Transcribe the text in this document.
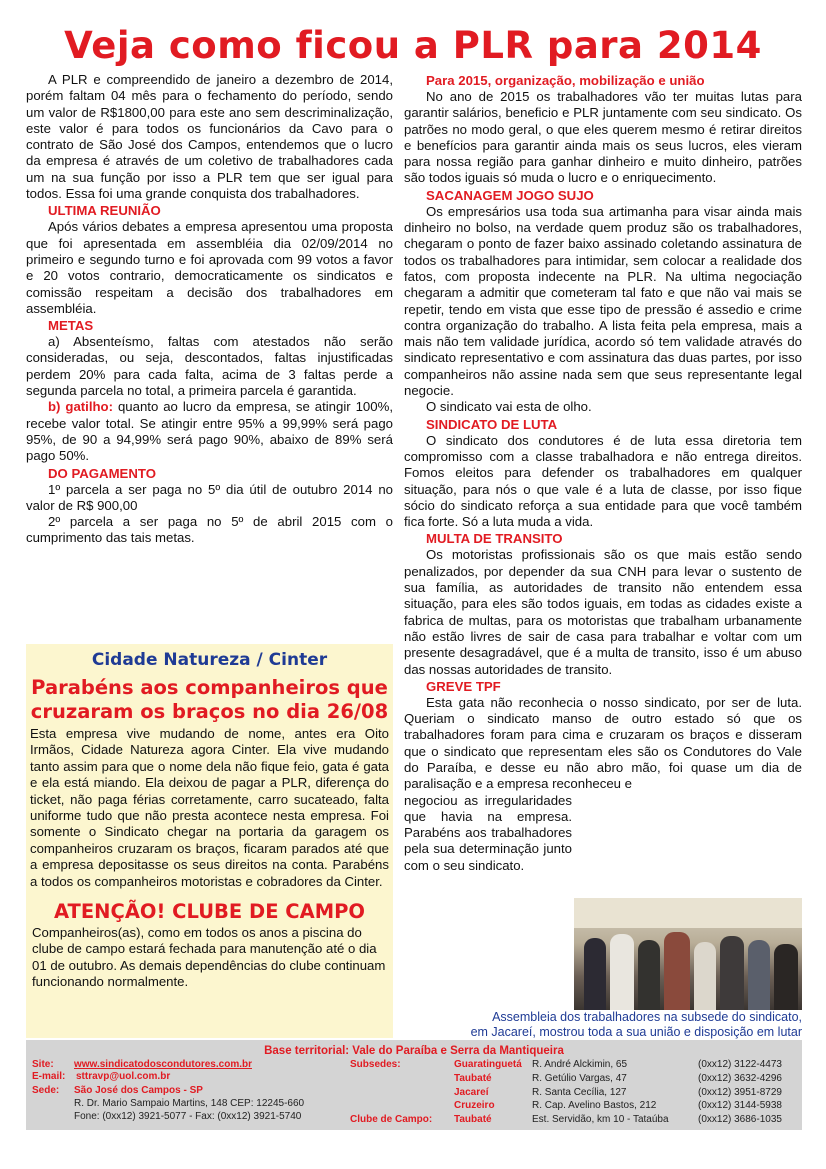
Veja como ficou a PLR para 2014

A PLR e compreendido de janeiro a dezembro de 2014, porém faltam 04 mês para o fechamento do período, sendo um valor de R$1800,00 para este ano sem descriminalização, este valor é para todos os funcionários da Cavo para o contrato de São José dos Campos, entendemos que o lucro da empresa é através de um coletivo de trabalhadores cada um na sua função por isso a PLR tem que ser igual para todos. Essa foi uma grande conquista dos trabalhadores.

ULTIMA REUNIÃO

Após vários debates a empresa apresentou uma proposta que foi apresentada em assembléia dia 02/09/2014 no primeiro e segundo turno e foi aprovada com 99 votos a favor e 20 votos contrario, democraticamente os sindicatos e comissão respeitam a decisão dos trabalhadores em assembléia.

METAS

a) Absenteísmo, faltas com atestados não serão consideradas, ou seja, descontados, faltas injustificadas perdem 20% para cada falta, acima de 3 faltas perde a segunda parcela no total, a primeira parcela é garantida.

b) gatilho: quanto ao lucro da empresa, se atingir 100%, recebe valor total. Se atingir entre 95% a 99,99% será pago 95%, de 90 a 94,99% será pago 90%, abaixo de 89% será pago 50%.

DO PAGAMENTO

1º parcela a ser paga no 5º dia útil de outubro 2014 no valor de R$ 900,00

2º parcela a ser paga no 5º de abril 2015 com o cumprimento das tais metas.

Cidade Natureza / Cinter
Parabéns aos companheiros que cruzaram os braços no dia 26/08
Esta empresa vive mudando de nome, antes era Oito Irmãos, Cidade Natureza agora Cinter. Ela vive mudando tanto assim para que o nome dela não fique feio, gata é gata e ela está miando. Ela deixou de pagar a PLR, diferença do ticket, não paga férias corretamente, carro sucateado, falta uniforme tudo que não presta acontece nesta empresa. Foi somente o Sindicato chegar na portaria da garagem os companheiros cruzaram os braços, ficaram parados até que a empresa depositasse os seus direitos na conta. Parabéns a todos os companheiros motoristas e cobradores da Cinter.
ATENÇÃO! CLUBE DE CAMPO
Companheiros(as), como em todos os anos a piscina do clube de campo estará fechada para manutenção até o dia 01 de outubro. As demais dependências do clube continuam funcionando normalmente.
Para 2015, organização, mobilização e união

No ano de 2015 os trabalhadores vão ter muitas lutas para garantir salários, beneficio e PLR juntamente com seu sindicato. Os patrões no modo geral, o que eles querem mesmo é retirar direitos e benefícios para garantir ainda mais os seus lucros, eles vieram para nossa região para ganhar dinheiro e muito dinheiro, patrões são todos iguais só muda o lucro e o enriquecimento.

SACANAGEM JOGO SUJO

Os empresários usa toda sua artimanha para visar ainda mais dinheiro no bolso, na verdade quem produz são os trabalhadores, chegaram o ponto de fazer baixo assinado coletando assinatura de todos os trabalhadores para intimidar, sem colocar a realidade dos fatos, com proposta indecente na PLR. Na ultima negociação chegaram a admitir que cometeram tal fato e que não vai mais se repetir, tendo em vista que esse tipo de pressão é assedio e crime contra organização do trabalho. A lista feita pela empresa, mais a mais não tem validade jurídica, acordo só tem validade através do sindicato representativo e com assinatura das duas partes, por isso companheiros não assine nada sem que seus representante legal negocie.

O sindicato vai esta de olho.

SINDICATO DE LUTA

O sindicato dos condutores é de luta essa diretoria tem compromisso com a classe trabalhadora e não entrega direitos. Fomos eleitos para defender os trabalhadores em qualquer situação, para nós o que vale é a luta de classe, por isso fique sócio do sindicato reforça a sua entidade para que você também fica forte. Só a luta muda a vida.

MULTA DE TRANSITO

Os motoristas profissionais são os que mais estão sendo penalizados, por depender da sua CNH para levar o sustento de sua família, as autoridades de transito não entendem essa situação, para eles são todos iguais, em todas as cidades existe a fabrica de multas, para os motoristas que trabalham urbanamente não estão livres de sair de casa para trabalhar e voltar com um presente desagradável, que é a multa de transito, isso é um abuso das nossas autoridades de transito.

GREVE TPF

Esta gata não reconhecia o nosso sindicato, por ser de luta. Queriam o sindicato manso de outro estado só que os trabalhadores foram para cima e cruzaram os braços e disseram que o sindicato que representam eles são os Condutores do Vale do Paraíba, e desse eu não abro mão, foi quase um dia de paralisação e a empresa reconheceu e

negociou as irregularidades que havia na empresa. Parabéns aos trabalhadores pela sua determinação junto com o seu sindicato.

Assembleia dos trabalhadores na subsede do sindicato,
em Jacareí, mostrou toda a sua união e disposição em lutar
Base territorial: Vale do Paraíba e Serra da Mantiqueira
Site: www.sindicatodoscondutores.com.br
E-mail: sttravp@uol.com.br
Sede: São José dos Campos - SP
R. Dr. Mario Sampaio Martins, 148 CEP: 12245-660
Fone: (0xx12) 3921-5077 - Fax: (0xx12) 3921-5740
Subsedes:
Clube de Campo:
Guaratinguetá R. André Alckimin, 65	(0xx12) 3122-4473
Taubaté	R. Getúlio Vargas, 47	(0xx12) 3632-4296
Jacareí	R. Santa Cecília, 127	(0xx12) 3951-8729
Cruzeiro	R. Cap. Avelino Bastos, 212	(0xx12) 3144-5938
Taubaté	Est. Servidão, km 10 - Tataúba	(0xx12) 3686-1035
